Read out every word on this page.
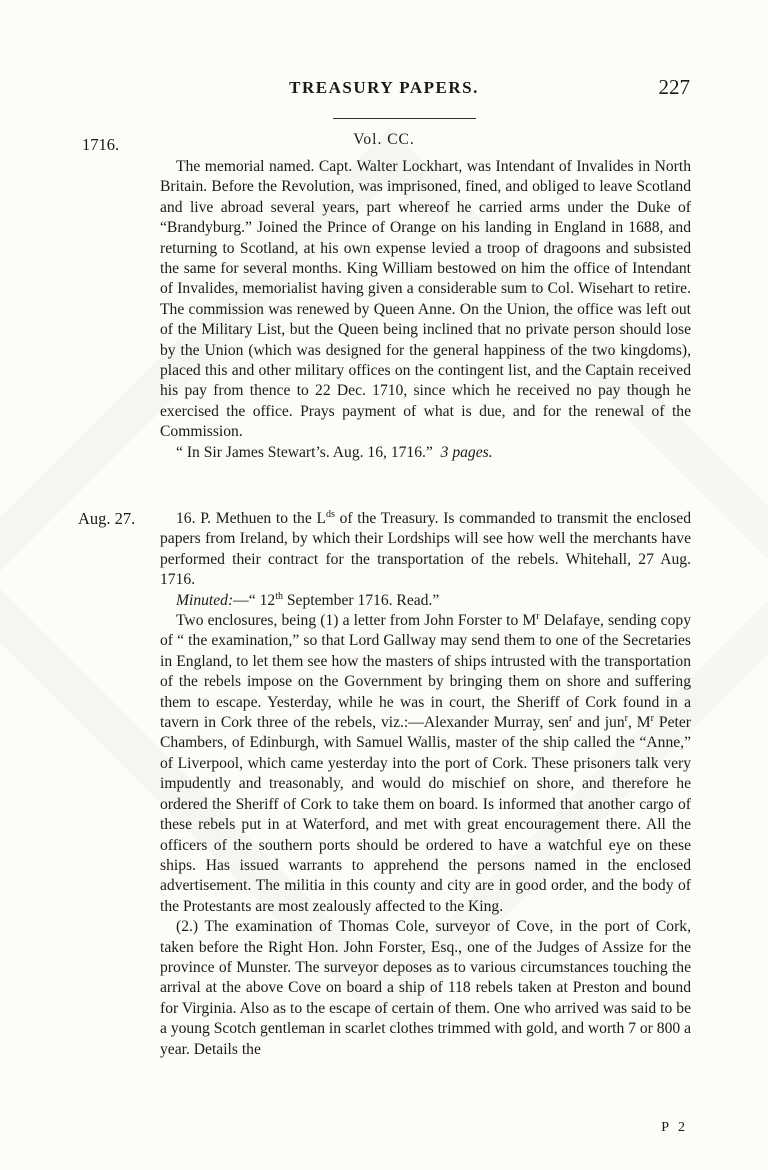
TREASURY PAPERS.	227
1716.	Vol. CC.

The memorial named. Capt. Walter Lockhart, was Intendant of Invalides in North Britain. Before the Revolution, was imprisoned, fined, and obliged to leave Scotland and live abroad several years, part whereof he carried arms under the Duke of “Brandyburg.” Joined the Prince of Orange on his landing in England in 1688, and returning to Scotland, at his own expense levied a troop of dragoons and subsisted the same for several months. King William bestowed on him the office of Intendant of Invalides, memorialist having given a considerable sum to Col. Wisehart to retire. The commission was renewed by Queen Anne. On the Union, the office was left out of the Military List, but the Queen being inclined that no private person should lose by the Union (which was designed for the general happiness of the two kingdoms), placed this and other military offices on the contingent list, and the Captain received his pay from thence to 22 Dec. 1710, since which he received no pay though he exercised the office. Prays payment of what is due, and for the renewal of the Commission.

“ In Sir James Stewart’s. Aug. 16, 1716.” 3 pages.

Aug. 27.	16. P. Methuen to the $L^{ds}$ of the Treasury. Is commanded to transmit the enclosed papers from Ireland, by which their Lordships will see how well the merchants have performed their contract for the transportation of the rebels. Whitehall, 27 Aug. 1716.

Minuted:—“ 12th September 1716. Read.”

Two enclosures, being (1) a letter from John Forster to $M^r$ Delafaye, sending copy of “ the examination,” so that Lord Gallway may send them to one of the Secretaries in England, to let them see how the masters of ships intrusted with the transportation of the rebels impose on the Government by bringing them on shore and suffering them to escape. Yesterday, while he was in court, the Sheriff of Cork found in a tavern in Cork three of the rebels, viz.:—Alexander Murray, sen$^r$ and jun$^r$, $M^r$ Peter Chambers, of Edinburgh, with Samuel Wallis, master of the ship called the “Anne,” of Liverpool, which came yesterday into the port of Cork. These prisoners talk very impudently and treasonably, and would do mischief on shore, and therefore he ordered the Sheriff of Cork to take them on board. Is informed that another cargo of these rebels put in at Waterford, and met with great encouragement there. All the officers of the southern ports should be ordered to have a watchful eye on these ships. Has issued warrants to apprehend the persons named in the enclosed advertisement. The militia in this county and city are in good order, and the body of the Protestants are most zealously affected to the King.

(2.) The examination of Thomas Cole, surveyor of Cove, in the port of Cork, taken before the Right Hon. John Forster, Esq., one of the Judges of Assize for the province of Munster. The surveyor deposes as to various circumstances touching the arrival at the above Cove on board a ship of 118 rebels taken at Preston and bound for Virginia. Also as to the escape of certain of them. One who arrived was said to be a young Scotch gentleman in scarlet clothes trimmed with gold, and worth 7 or 800 a year. Details the

P 2
